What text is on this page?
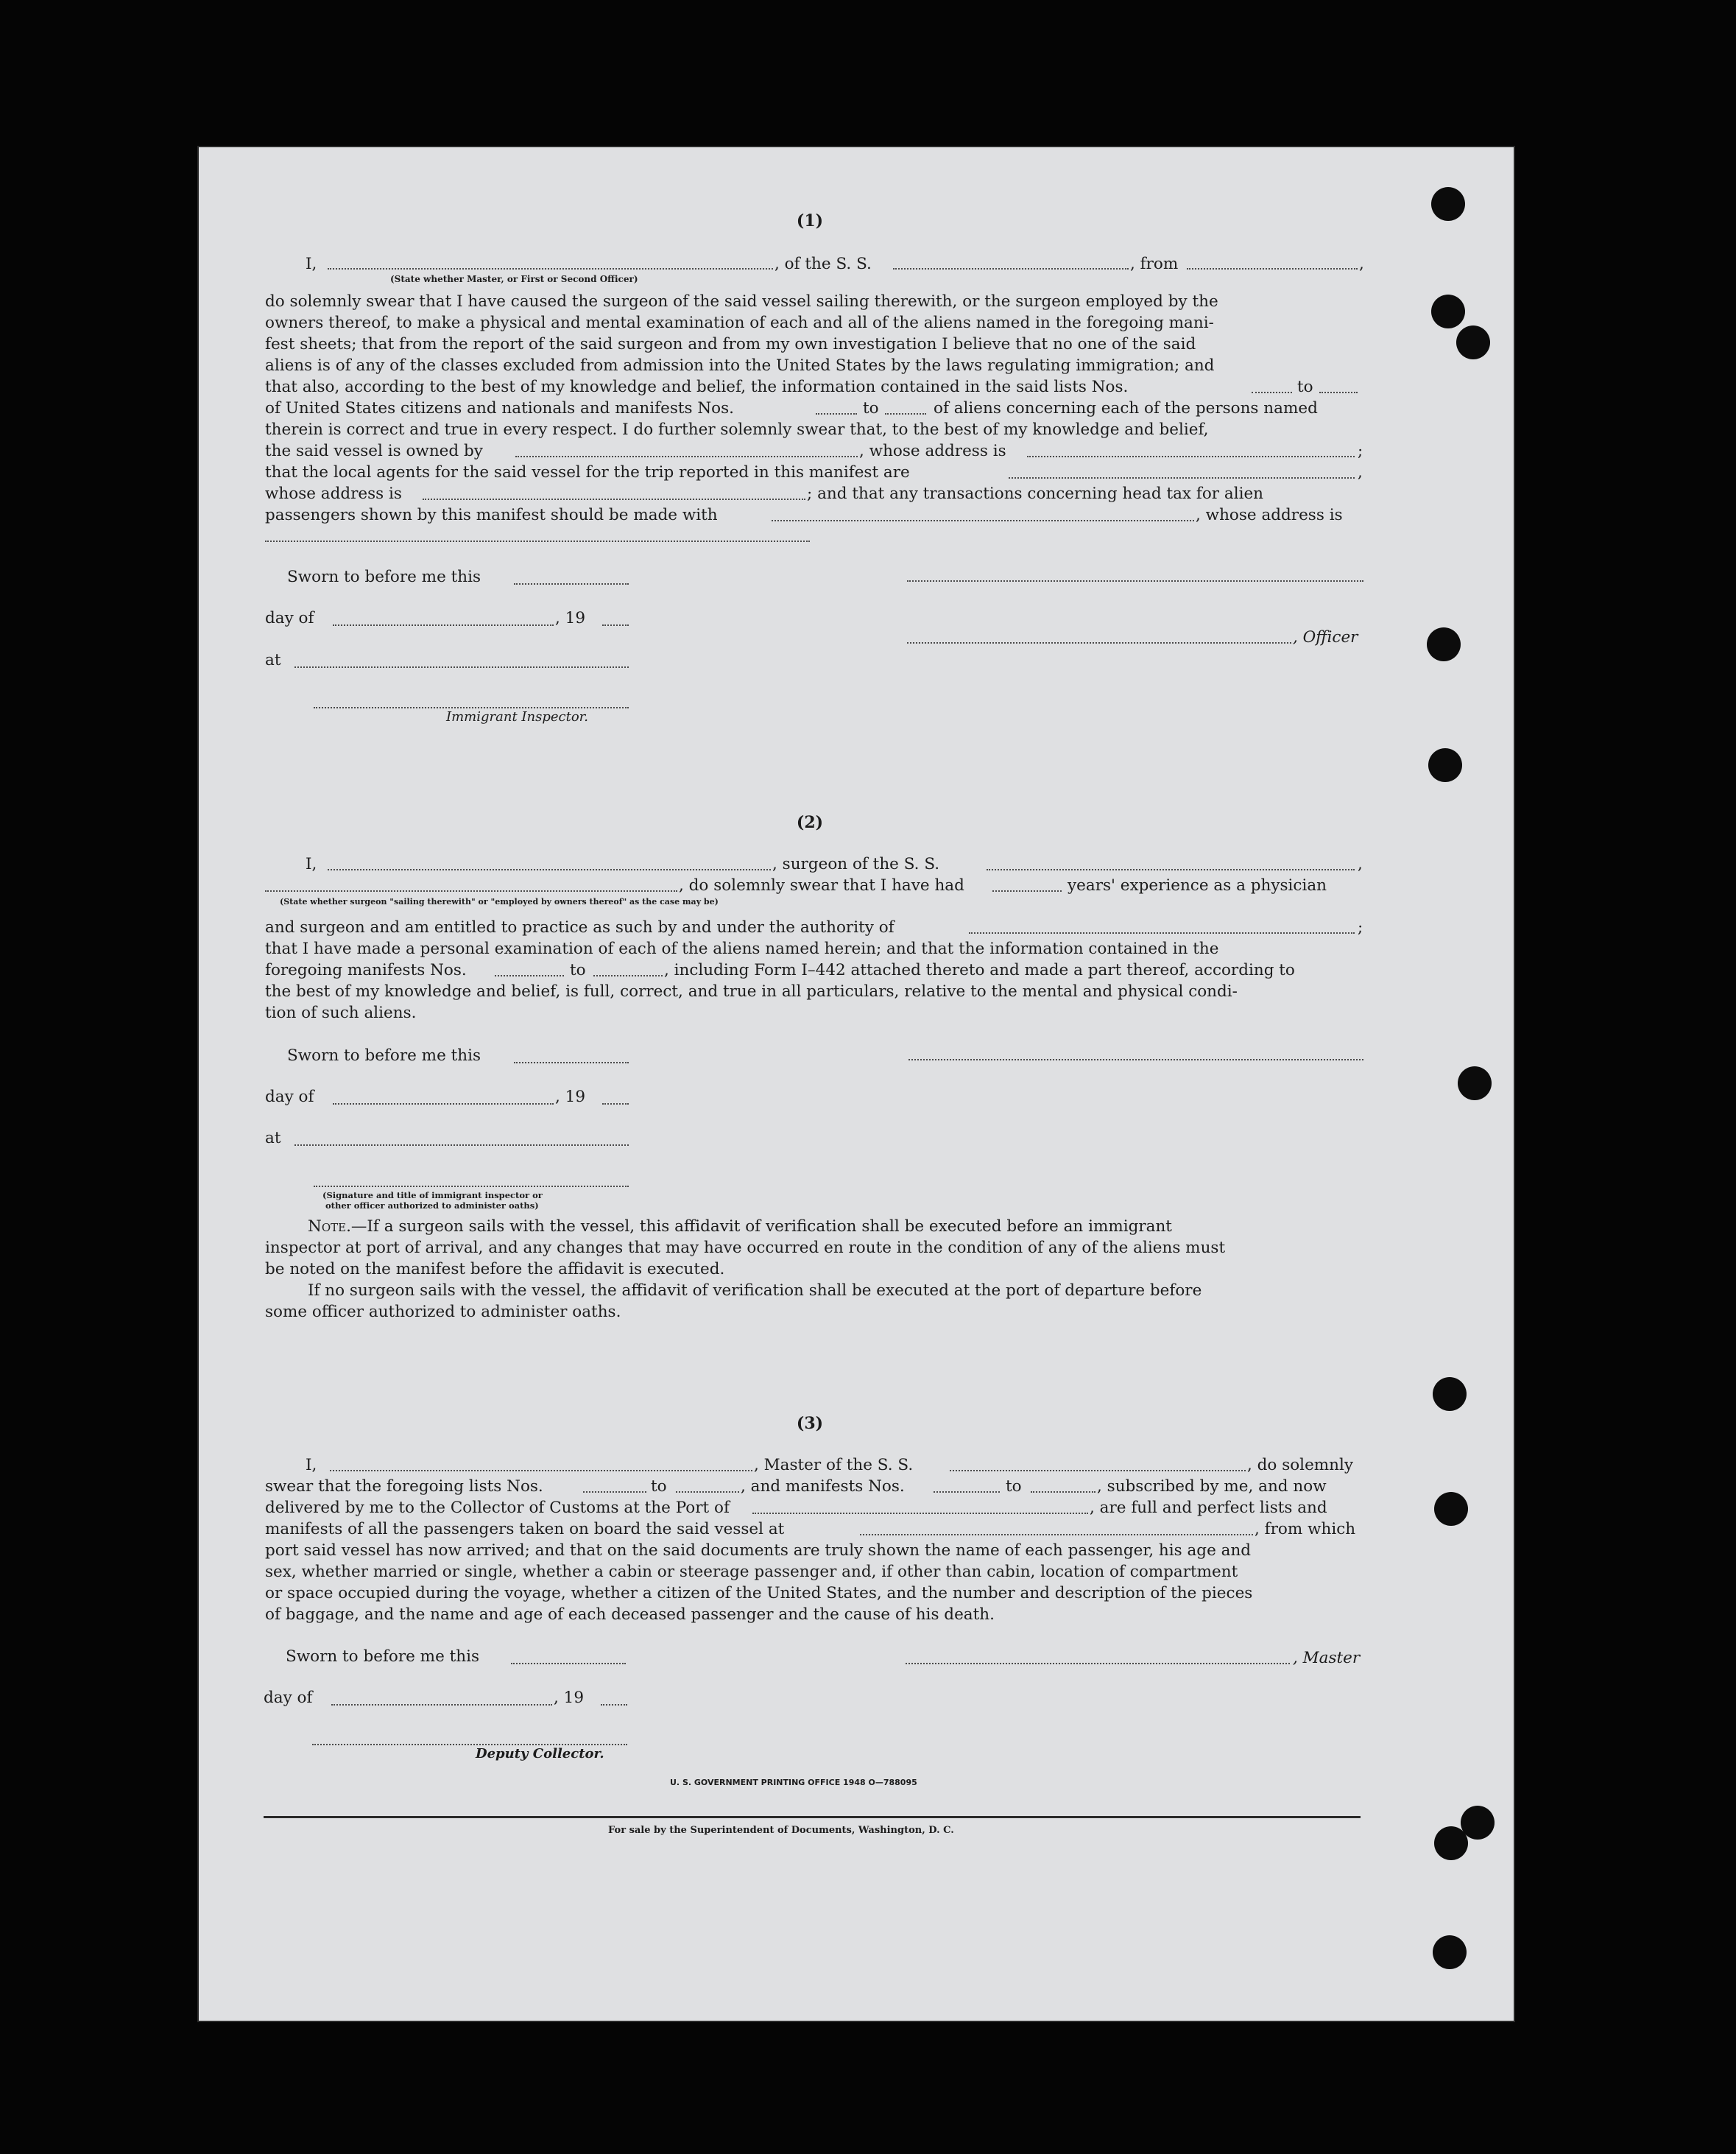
(1)
I,	, of the S. S.	, from	,
(State whether Master, or First or Second Officer)
do solemnly swear that I have caused the surgeon of the said vessel sailing therewith, or the surgeon employed by the
owners thereof, to make a physical and mental examination of each and all of the aliens named in the foregoing mani-
fest sheets; that from the report of the said surgeon and from my own investigation I believe that no one of the said
aliens is of any of the classes excluded from admission into the United States by the laws regulating immigration; and
that also, according to the best of my knowledge and belief, the information contained in the said lists Nos.	to
of United States citizens and nationals and manifests Nos.	to	of aliens concerning each of the persons named
therein is correct and true in every respect. I do further solemnly swear that, to the best of my knowledge and belief,
the said vessel is owned by	, whose address is	;
that the local agents for the said vessel for the trip reported in this manifest are	,
whose address is	; and that any transactions concerning head tax for alien
passengers shown by this manifest should be made with	, whose address is
Sworn to before me this
day of	, 19
, Officer
at
Immigrant Inspector.
(2)
I,	, surgeon of the S. S.	,
, do solemnly swear that I have had	years' experience as a physician
(State whether surgeon "sailing therewith" or "employed by owners thereof" as the case may be)
and surgeon and am entitled to practice as such by and under the authority of	;
that I have made a personal examination of each of the aliens named herein; and that the information contained in the
foregoing manifests Nos.	to	, including Form I–442 attached thereto and made a part thereof, according to
the best of my knowledge and belief, is full, correct, and true in all particulars, relative to the mental and physical condi-
tion of such aliens.
Sworn to before me this
day of	, 19
at
(Signature and title of immigrant inspector or
other officer authorized to administer oaths)
Note.—If a surgeon sails with the vessel, this affidavit of verification shall be executed before an immigrant
inspector at port of arrival, and any changes that may have occurred en route in the condition of any of the aliens must
be noted on the manifest before the affidavit is executed.
If no surgeon sails with the vessel, the affidavit of verification shall be executed at the port of departure before
some officer authorized to administer oaths.
(3)
I,	, Master of the S. S.	, do solemnly
swear that the foregoing lists Nos.	to	, and manifests Nos.	to	, subscribed by me, and now
delivered by me to the Collector of Customs at the Port of	, are full and perfect lists and
manifests of all the passengers taken on board the said vessel at	, from which
port said vessel has now arrived; and that on the said documents are truly shown the name of each passenger, his age and
sex, whether married or single, whether a cabin or steerage passenger and, if other than cabin, location of compartment
or space occupied during the voyage, whether a citizen of the United States, and the number and description of the pieces
of baggage, and the name and age of each deceased passenger and the cause of his death.
Sworn to before me this	, Master
day of	, 19
Deputy Collector.
U. S. GOVERNMENT PRINTING OFFICE 1948 O—788095
For sale by the Superintendent of Documents, Washington, D. C.
